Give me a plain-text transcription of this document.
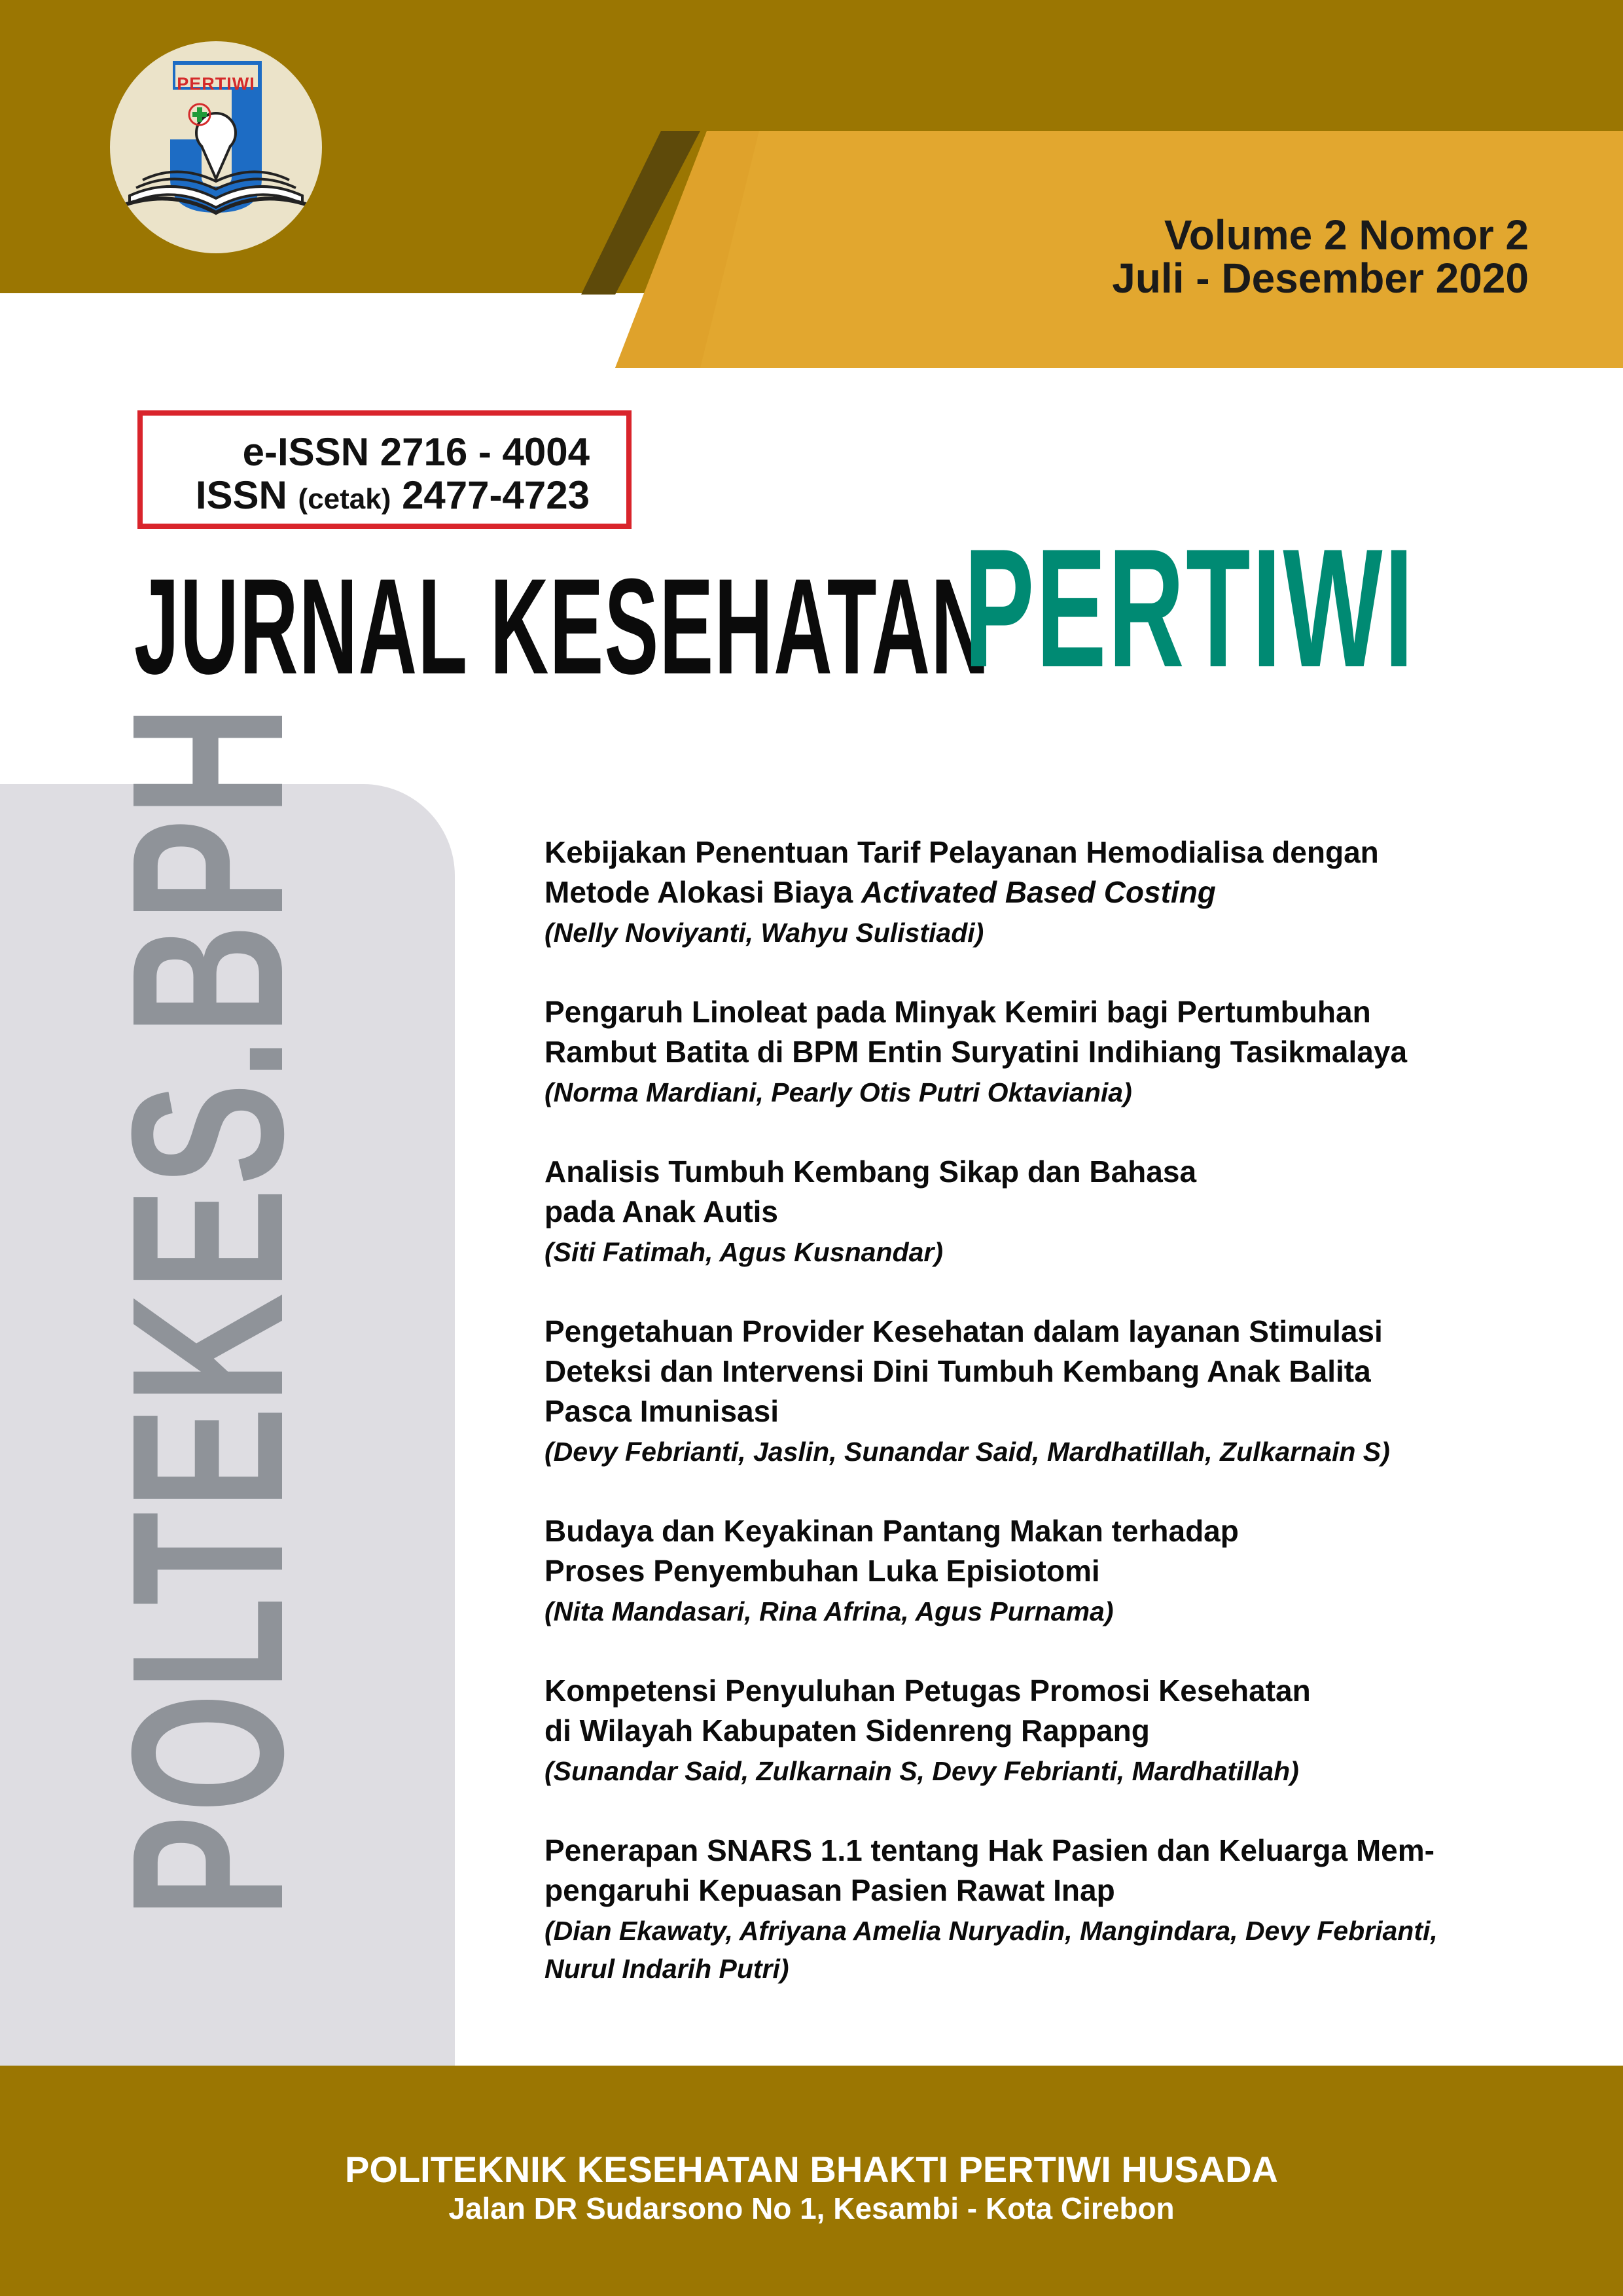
PERTIWI
Volume 2 Nomor 2
Juli - Desember 2020
e-ISSN 2716 - 4004
ISSN (cetak) 2477-4723
JURNAL KESEHATAN
PERTIWI
POLTEKES.BPH	Kebijakan Penentuan Tarif Pelayanan Hemodialisa dengan
Metode Alokasi Biaya Activated Based Costing
(Nelly Noviyanti, Wahyu Sulistiadi)
Pengaruh Linoleat pada Minyak Kemiri bagi Pertumbuhan
Rambut Batita di BPM Entin Suryatini Indihiang Tasikmalaya
(Norma Mardiani, Pearly Otis Putri Oktaviania)
Analisis Tumbuh Kembang Sikap dan Bahasa
pada Anak Autis
(Siti Fatimah, Agus Kusnandar)
Pengetahuan Provider Kesehatan dalam layanan Stimulasi
Deteksi dan Intervensi Dini Tumbuh Kembang Anak Balita
Pasca Imunisasi
(Devy Febrianti, Jaslin, Sunandar Said, Mardhatillah, Zulkarnain S)
Budaya dan Keyakinan Pantang Makan terhadap
Proses Penyembuhan Luka Episiotomi
(Nita Mandasari, Rina Afrina, Agus Purnama)
Kompetensi Penyuluhan Petugas Promosi Kesehatan
di Wilayah Kabupaten Sidenreng Rappang
(Sunandar Said, Zulkarnain S, Devy Febrianti, Mardhatillah)
Penerapan SNARS 1.1 tentang Hak Pasien dan Keluarga Mem-
pengaruhi Kepuasan Pasien Rawat Inap
(Dian Ekawaty, Afriyana Amelia Nuryadin, Mangindara, Devy Febrianti,
Nurul Indarih Putri)
POLITEKNIK KESEHATAN BHAKTI PERTIWI HUSADA
Jalan DR Sudarsono No 1, Kesambi - Kota Cirebon
